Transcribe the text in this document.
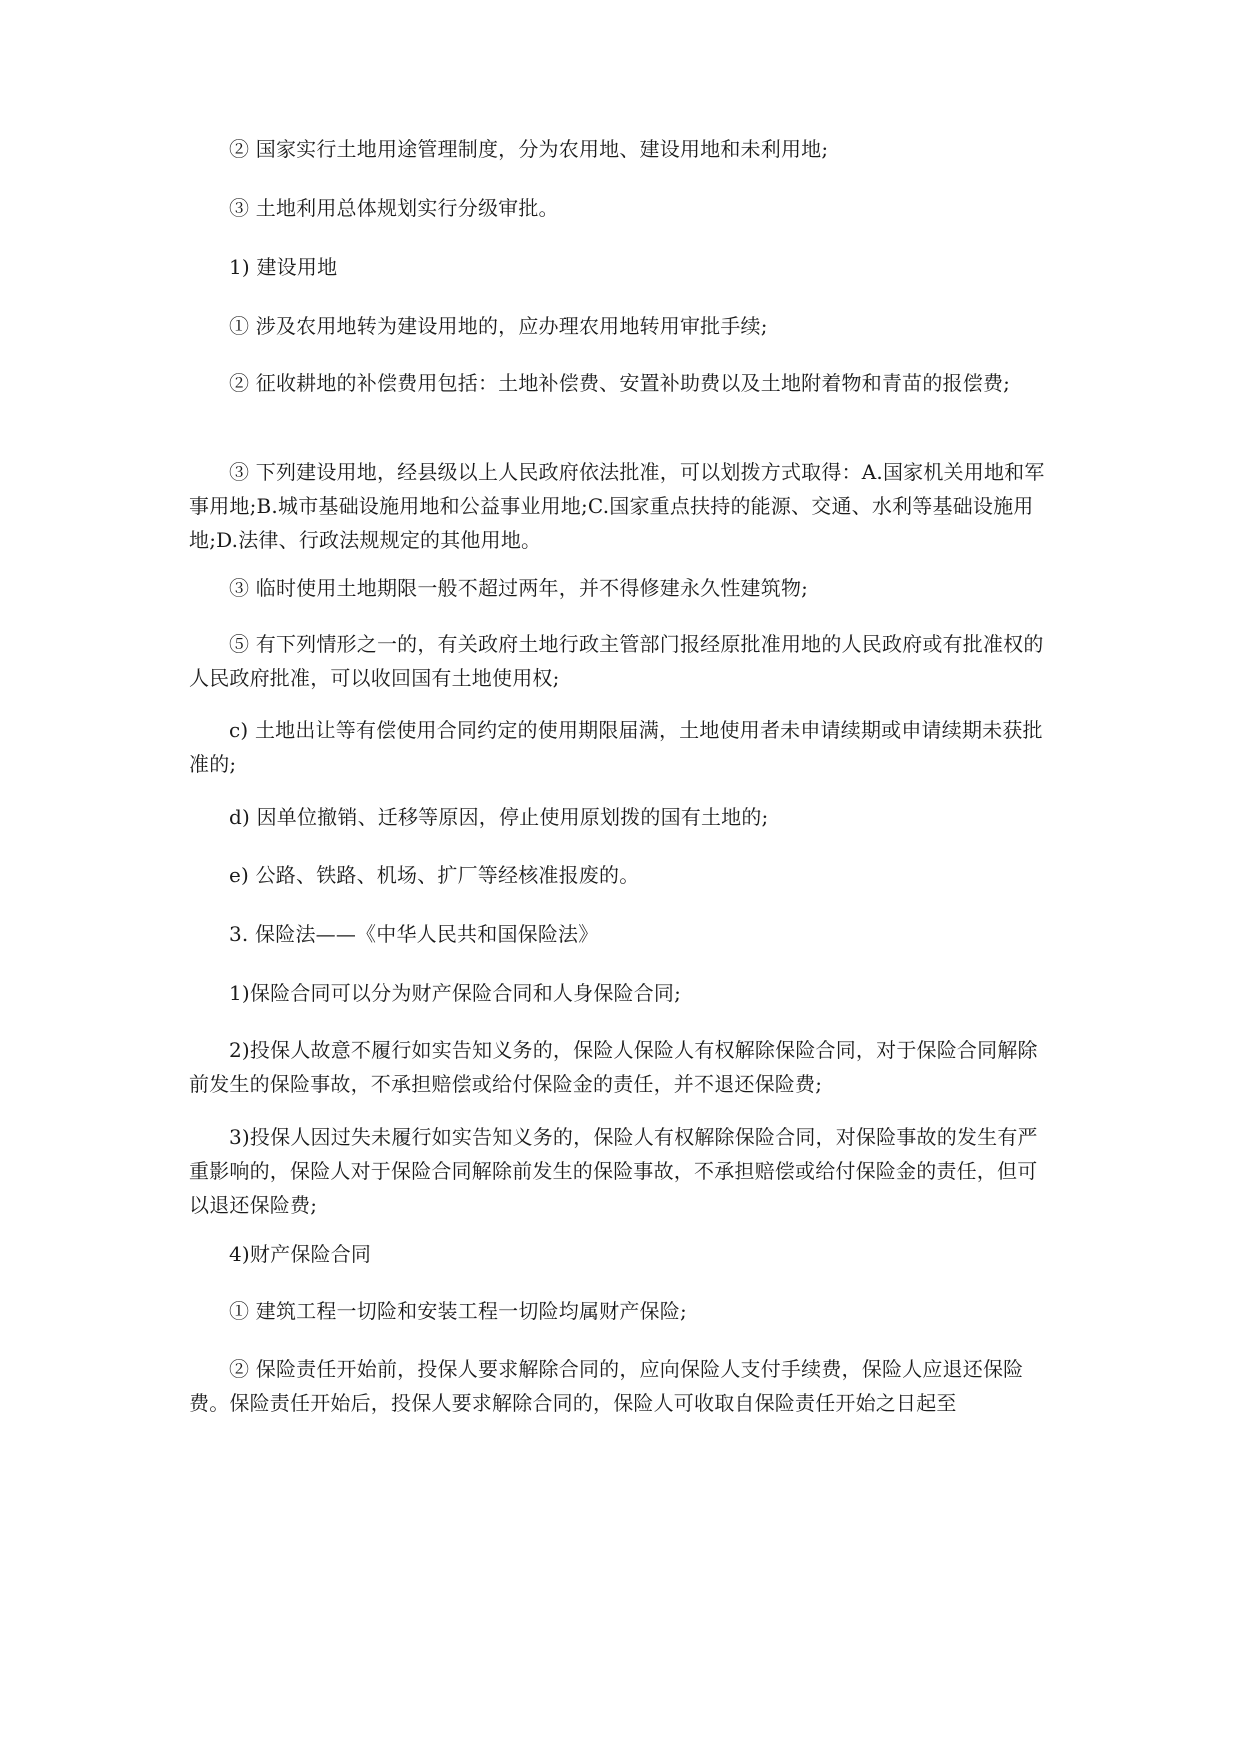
② 国家实行土地用途管理制度，分为农用地、建设用地和未利用地;

③ 土地利用总体规划实行分级审批。

1) 建设用地

① 涉及农用地转为建设用地的，应办理农用地转用审批手续;

② 征收耕地的补偿费用包括：土地补偿费、安置补助费以及土地附着物和青苗的报偿费;

③ 下列建设用地，经县级以上人民政府依法批准，可以划拨方式取得：A.国家机关用地和军事用地;B.城市基础设施用地和公益事业用地;C.国家重点扶持的能源、交通、水利等基础设施用地;D.法律、行政法规规定的其他用地。

③ 临时使用土地期限一般不超过两年，并不得修建永久性建筑物;

⑤ 有下列情形之一的，有关政府土地行政主管部门报经原批准用地的人民政府或有批准权的人民政府批准，可以收回国有土地使用权;

c) 土地出让等有偿使用合同约定的使用期限届满，土地使用者未申请续期或申请续期未获批准的;

d) 因单位撤销、迁移等原因，停止使用原划拨的国有土地的;

e) 公路、铁路、机场、扩厂等经核准报废的。

3. 保险法——《中华人民共和国保险法》

1)保险合同可以分为财产保险合同和人身保险合同;

2)投保人故意不履行如实告知义务的，保险人保险人有权解除保险合同，对于保险合同解除前发生的保险事故，不承担赔偿或给付保险金的责任，并不退还保险费;

3)投保人因过失未履行如实告知义务的，保险人有权解除保险合同，对保险事故的发生有严重影响的，保险人对于保险合同解除前发生的保险事故，不承担赔偿或给付保险金的责任，但可以退还保险费;

4)财产保险合同

① 建筑工程一切险和安装工程一切险均属财产保险;

② 保险责任开始前，投保人要求解除合同的，应向保险人支付手续费，保险人应退还保险费。保险责任开始后，投保人要求解除合同的，保险人可收取自保险责任开始之日起至
